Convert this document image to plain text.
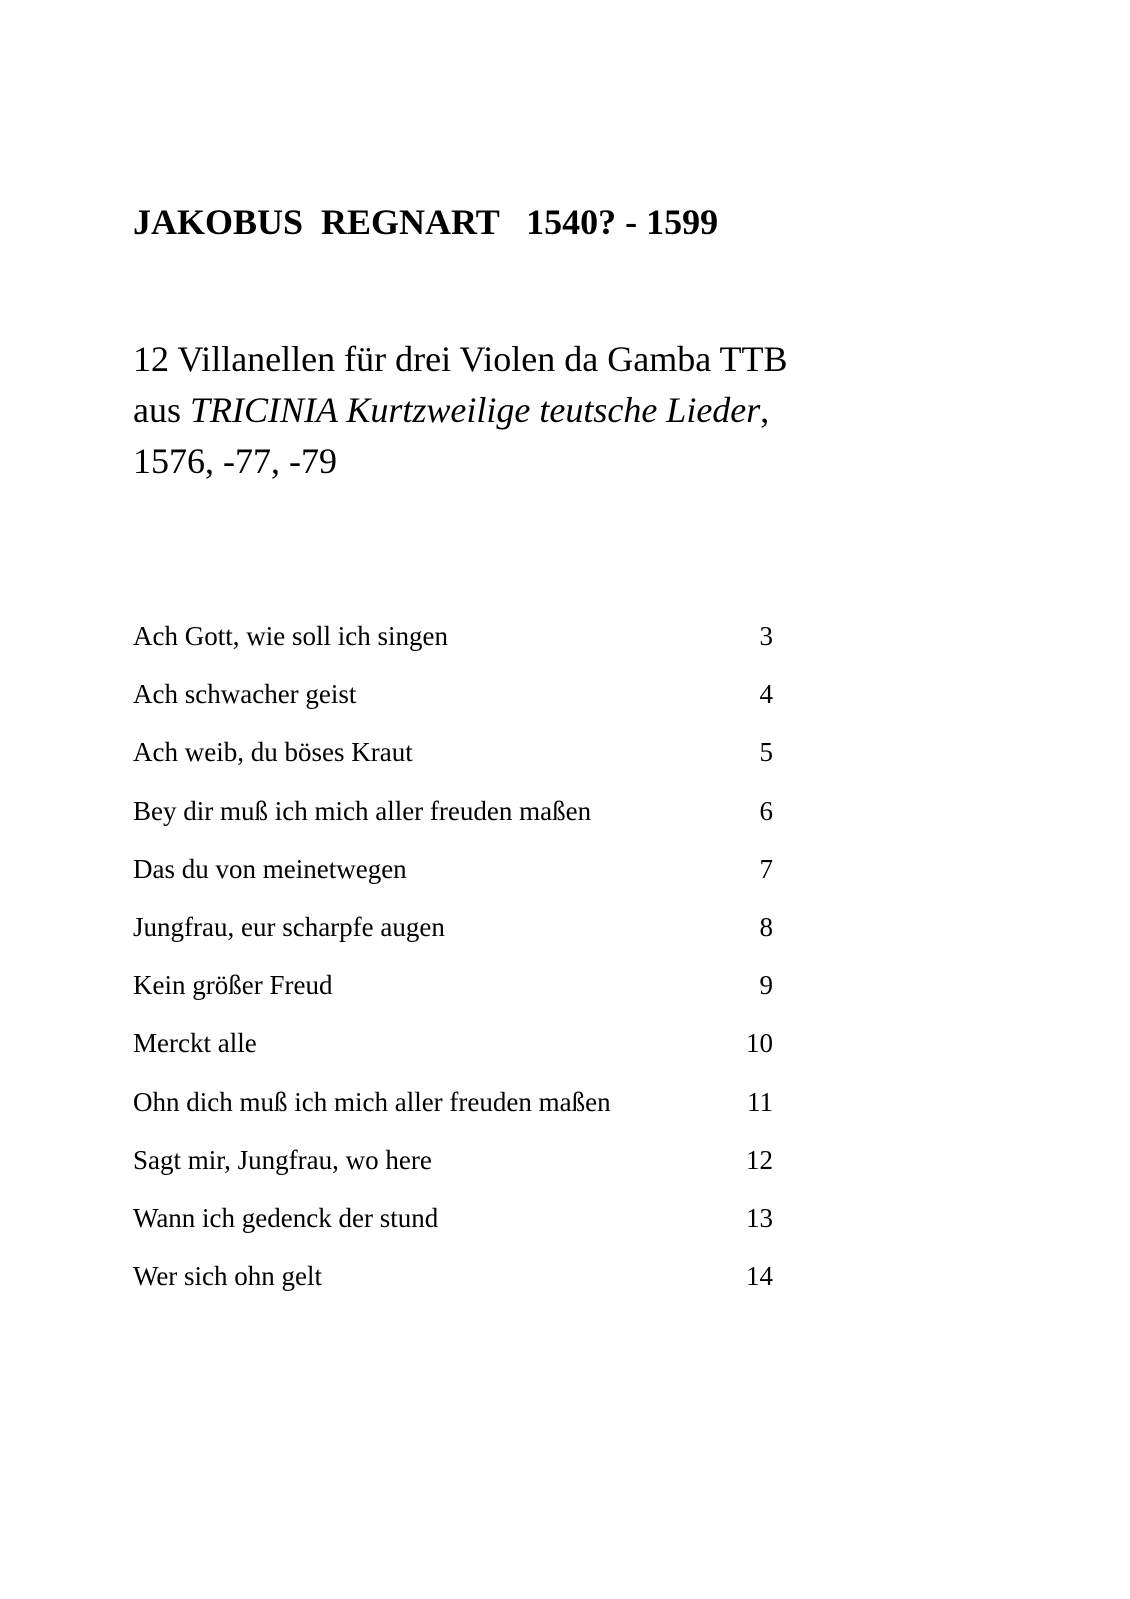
JAKOBUS  REGNART   1540? - 1599
12 Villanellen für drei Violen da Gamba TTB
aus TRICINIA Kurtzweilige teutsche Lieder,
1576, -77, -79
Ach Gott, wie soll ich singen	3
Ach schwacher geist	4
Ach weib, du böses Kraut	5
Bey dir muß ich mich aller freuden maßen	6
Das du von meinetwegen	7
Jungfrau, eur scharpfe augen	8
Kein größer Freud	9
Merckt alle	10
Ohn dich muß ich mich aller freuden maßen	11
Sagt mir, Jungfrau, wo here	12
Wann ich gedenck der stund	13
Wer sich ohn gelt	14
